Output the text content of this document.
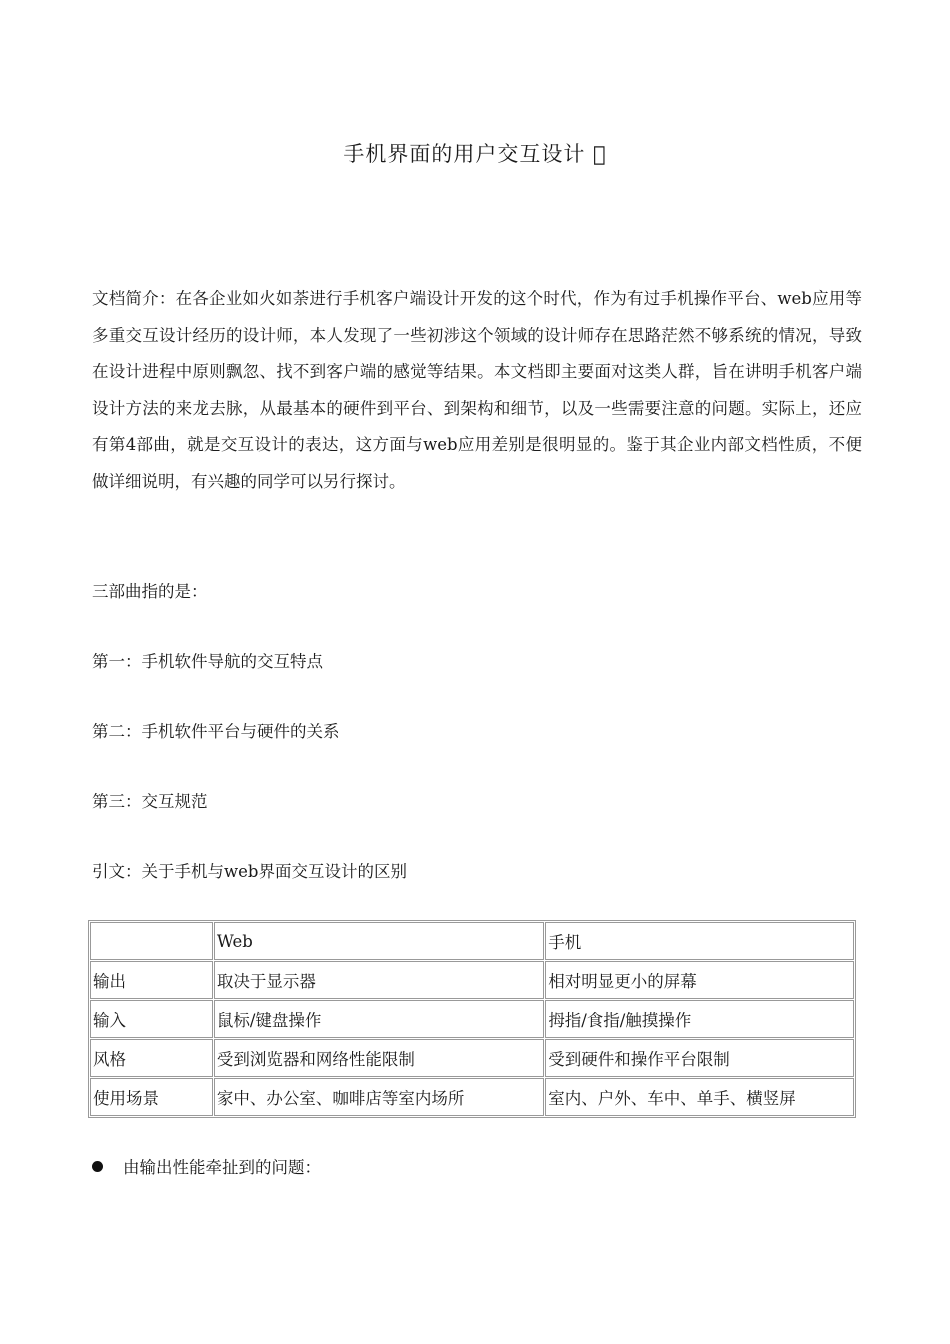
手机界面的用户交互设计
文档简介：在各企业如火如荼进行手机客户端设计开发的这个时代，作为有过手机操作平台、web应用等多重交互设计经历的设计师，本人发现了一些初涉这个领域的设计师存在思路茫然不够系统的情况，导致在设计进程中原则飘忽、找不到客户端的感觉等结果。本文档即主要面对这类人群，旨在讲明手机客户端设计方法的来龙去脉，从最基本的硬件到平台、到架构和细节，以及一些需要注意的问题。实际上，还应有第4部曲，就是交互设计的表达，这方面与web应用差别是很明显的。鉴于其企业内部文档性质，不便做详细说明，有兴趣的同学可以另行探讨。
三部曲指的是：
第一：手机软件导航的交互特点
第二：手机软件平台与硬件的关系
第三：交互规范
引文：关于手机与web界面交互设计的区别
	Web	手机
输出	取决于显示器	相对明显更小的屏幕
输入	鼠标/键盘操作	拇指/食指/触摸操作
风格	受到浏览器和网络性能限制	受到硬件和操作平台限制
使用场景	家中、办公室、咖啡店等室内场所	室内、户外、车中、单手、横竖屏
由输出性能牵扯到的问题：
